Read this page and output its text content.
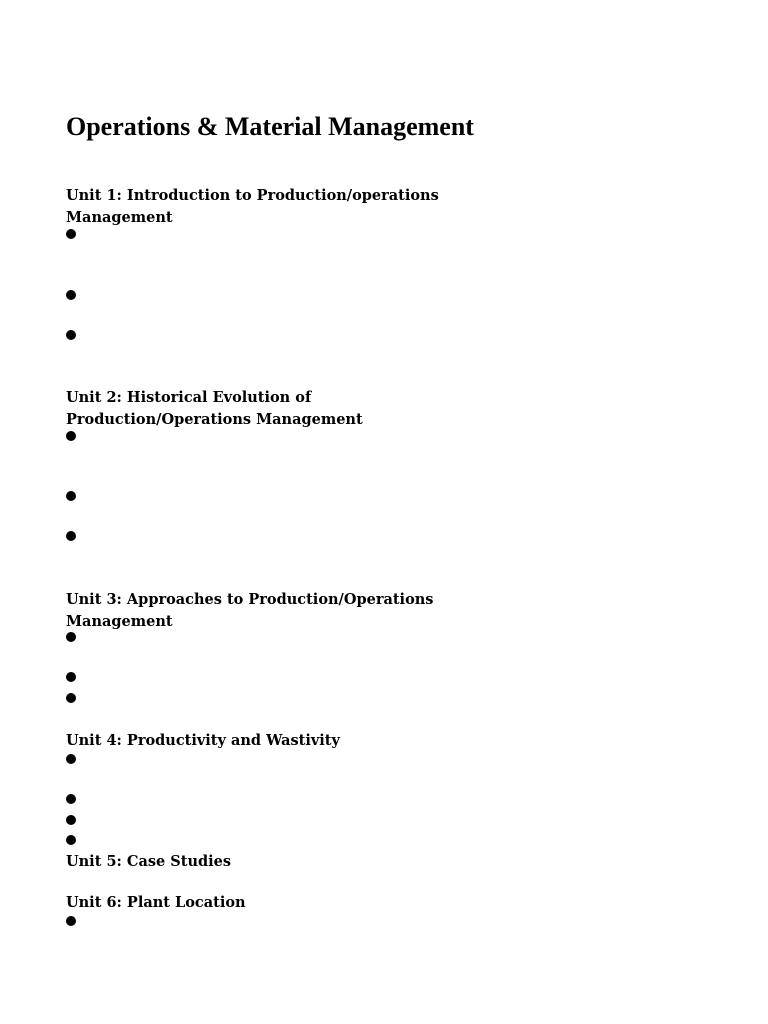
Operations & Material Management
Unit 1: Introduction to Production/operations
Management
Unit 2: Historical Evolution of
Production/Operations Management
Unit 3: Approaches to Production/Operations
Management
Unit 4: Productivity and Wastivity
Unit 5: Case Studies
Unit 6: Plant Location
